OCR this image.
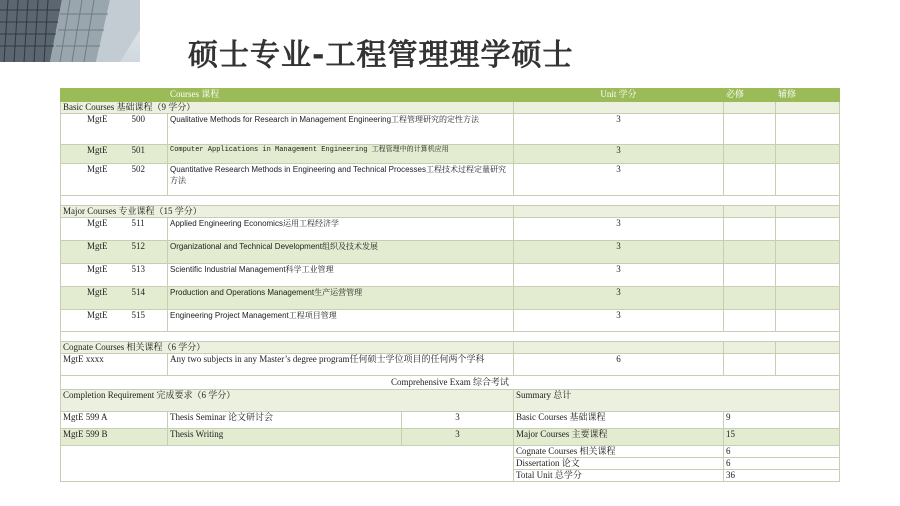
硕士专业-工程管理理学硕士
	Courses 课程		Unit 学分	必修	辅修
Basic Courses 基础课程（9 学分）					
MgtE 500	Qualitative Methods for Research in Management Engineering工程管理研究的定性方法		3		
MgtE 501	Computer Applications in Management Engineering 工程管理中的计算机应用		3		
MgtE 502	Quantitative Research Methods in Engineering and Technical Processes工程技术过程定量研究方法		3		

Major Courses 专业课程（15 学分）					
MgtE 511	Applied Engineering Economics运用工程经济学		3		
MgtE 512	Organizational and Technical Development组织及技术发展		3		
MgtE 513	Scientific Industrial Management科学工业管理		3		
MgtE 514	Production and Operations Management生产运营管理		3		
MgtE 515	Engineering Project Management工程项目管理		3		

Cognate Courses 相关课程（6 学分）					
MgtE xxxx	Any two subjects in any Master’s degree program任何硕士学位项目的任何两个学科		6		
Comprehensive Exam 综合考试					
Completion Requirement 完成要求（6 学分）			Summary 总计		
MgtE 599 A	Thesis Seminar 论文研讨会	3	Basic Courses 基础课程	9	
MgtE 599 B	Thesis Writing	3	Major Courses 主要课程	15	
			Cognate Courses 相关课程	6	
			Dissertation 论文	6	
			Total Unit 总学分	36	
